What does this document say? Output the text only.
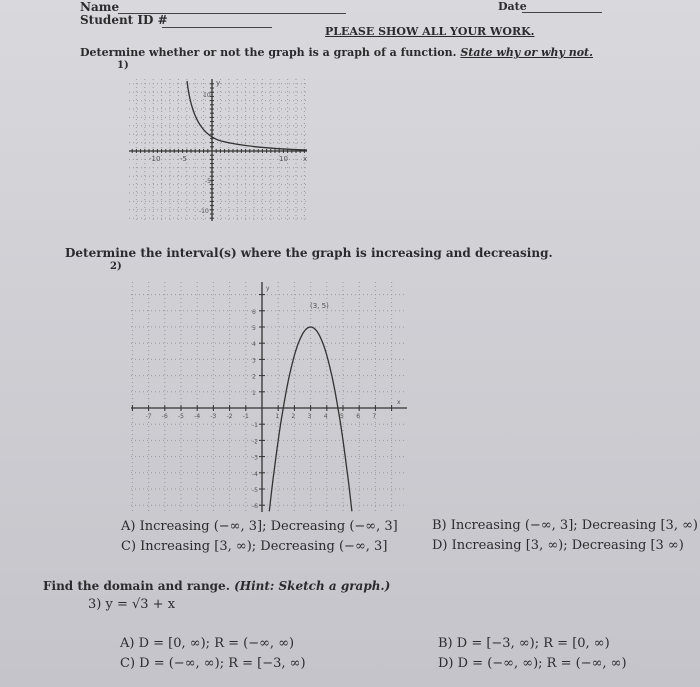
Name
Student ID #
Date
PLEASE SHOW ALL YOUR WORK.
Determine whether or not the graph is a graph of a function. State why or why not.
1)
-10	-5	10 x
10
y
-5
-10
Determine the interval(s) where the graph is increasing and decreasing.
2)
(3, 5)
-7 -6 -5 -4 -3 -2 -1	1 2 3 4 5 6 7
x
6
5
4
3
2
1
-1
-2
-3
-4
-5
-6
y
A) Increasing (−∞, 3]; Decreasing (−∞, 3]
C) Increasing [3, ∞); Decreasing (−∞, 3]
B) Increasing (−∞, 3]; Decreasing [3, ∞)
D) Increasing [3, ∞); Decreasing [3 ∞)
Find the domain and range. (Hint: Sketch a graph.)
3) y = √3 + x
A) D = [0, ∞); R = (−∞, ∞)
C) D = (−∞, ∞); R = [−3, ∞)
B) D = [−3, ∞); R = [0, ∞)
D) D = (−∞, ∞); R = (−∞, ∞)
